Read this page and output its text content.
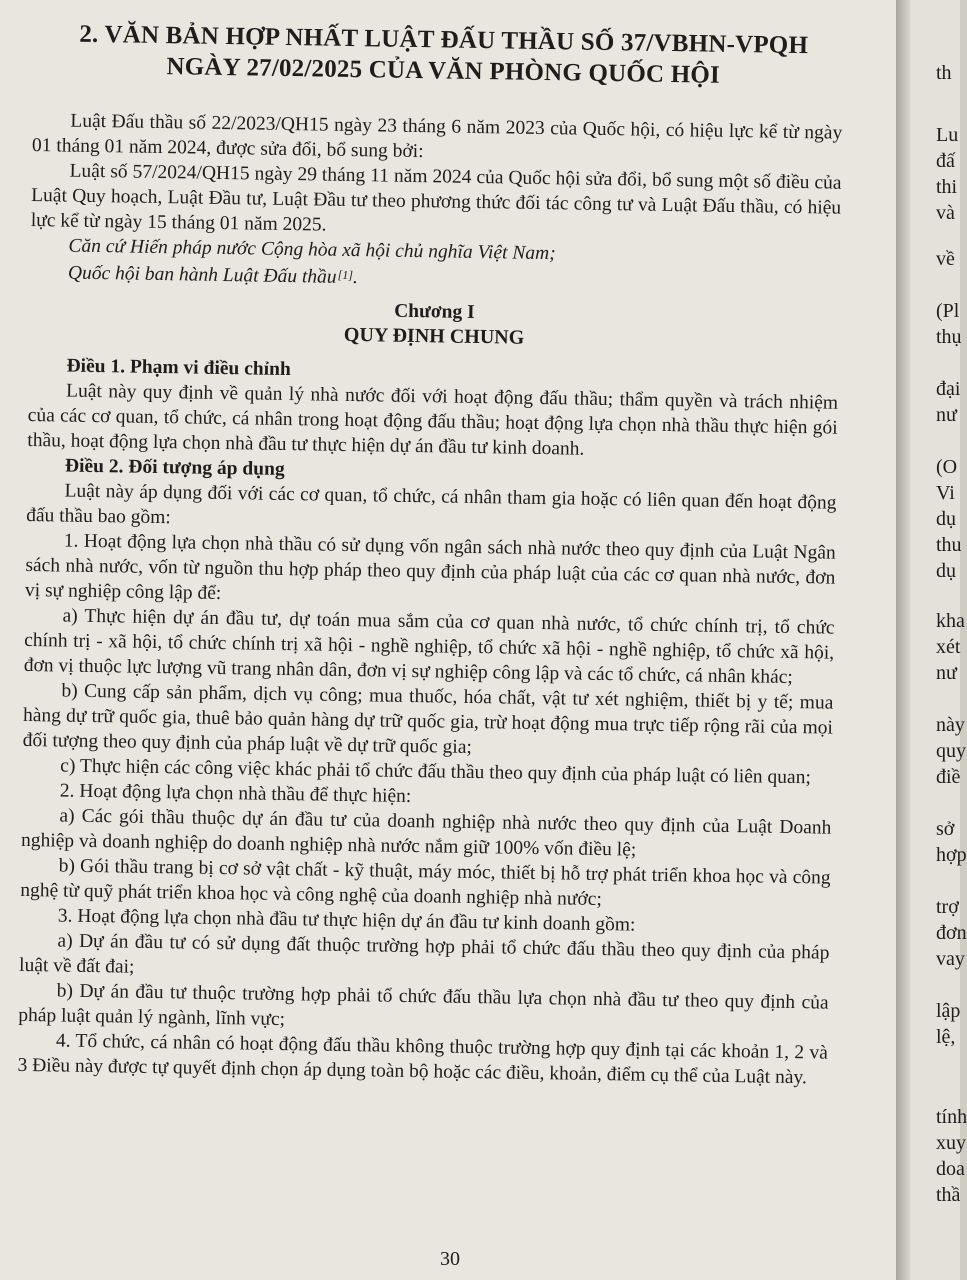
2. VĂN BẢN HỢP NHẤT LUẬT ĐẤU THẦU SỐ 37/VBHN-VPQH
NGÀY 27/02/2025 CỦA VĂN PHÒNG QUỐC HỘI

Luật Đấu thầu số 22/2023/QH15 ngày 23 tháng 6 năm 2023 của Quốc hội, có hiệu lực kể từ ngày 01 tháng 01 năm 2024, được sửa đổi, bổ sung bởi:

Luật số 57/2024/QH15 ngày 29 tháng 11 năm 2024 của Quốc hội sửa đổi, bổ sung một số điều của Luật Quy hoạch, Luật Đầu tư, Luật Đầu tư theo phương thức đối tác công tư và Luật Đấu thầu, có hiệu lực kể từ ngày 15 tháng 01 năm 2025.

Căn cứ Hiến pháp nước Cộng hòa xã hội chủ nghĩa Việt Nam;

Quốc hội ban hành Luật Đấu thầu[1].

Chương I

QUY ĐỊNH CHUNG

Điều 1. Phạm vi điều chỉnh

Luật này quy định về quản lý nhà nước đối với hoạt động đấu thầu; thẩm quyền và trách nhiệm của các cơ quan, tổ chức, cá nhân trong hoạt động đấu thầu; hoạt động lựa chọn nhà thầu thực hiện gói thầu, hoạt động lựa chọn nhà đầu tư thực hiện dự án đầu tư kinh doanh.

Điều 2. Đối tượng áp dụng

Luật này áp dụng đối với các cơ quan, tổ chức, cá nhân tham gia hoặc có liên quan đến hoạt động đấu thầu bao gồm:

1. Hoạt động lựa chọn nhà thầu có sử dụng vốn ngân sách nhà nước theo quy định của Luật Ngân sách nhà nước, vốn từ nguồn thu hợp pháp theo quy định của pháp luật của các cơ quan nhà nước, đơn vị sự nghiệp công lập để:

a) Thực hiện dự án đầu tư, dự toán mua sắm của cơ quan nhà nước, tổ chức chính trị, tổ chức chính trị - xã hội, tổ chức chính trị xã hội - nghề nghiệp, tổ chức xã hội - nghề nghiệp, tổ chức xã hội, đơn vị thuộc lực lượng vũ trang nhân dân, đơn vị sự nghiệp công lập và các tổ chức, cá nhân khác;

b) Cung cấp sản phẩm, dịch vụ công; mua thuốc, hóa chất, vật tư xét nghiệm, thiết bị y tế; mua hàng dự trữ quốc gia, thuê bảo quản hàng dự trữ quốc gia, trừ hoạt động mua trực tiếp rộng rãi của mọi đối tượng theo quy định của pháp luật về dự trữ quốc gia;

c) Thực hiện các công việc khác phải tổ chức đấu thầu theo quy định của pháp luật có liên quan;

2. Hoạt động lựa chọn nhà thầu để thực hiện:

a) Các gói thầu thuộc dự án đầu tư của doanh nghiệp nhà nước theo quy định của Luật Doanh nghiệp và doanh nghiệp do doanh nghiệp nhà nước nắm giữ 100% vốn điều lệ;

b) Gói thầu trang bị cơ sở vật chất - kỹ thuật, máy móc, thiết bị hỗ trợ phát triển khoa học và công nghệ từ quỹ phát triển khoa học và công nghệ của doanh nghiệp nhà nước;

3. Hoạt động lựa chọn nhà đầu tư thực hiện dự án đầu tư kinh doanh gồm:

a) Dự án đầu tư có sử dụng đất thuộc trường hợp phải tổ chức đấu thầu theo quy định của pháp luật về đất đai;

b) Dự án đầu tư thuộc trường hợp phải tổ chức đấu thầu lựa chọn nhà đầu tư theo quy định của pháp luật quản lý ngành, lĩnh vực;

4. Tổ chức, cá nhân có hoạt động đấu thầu không thuộc trường hợp quy định tại các khoản 1, 2 và 3 Điều này được tự quyết định chọn áp dụng toàn bộ hoặc các điều, khoản, điểm cụ thể của Luật này.

30
th
Lu
đấ
thi
và
về
(Pl
thụ
đại
nư
(O
Vi
dụ
thu
dụ
kha
xét
nư
này
quy
điề
sở
hợp
trợ
đơn
vay
lập
lệ,
tính
xuy
doa
thầ
